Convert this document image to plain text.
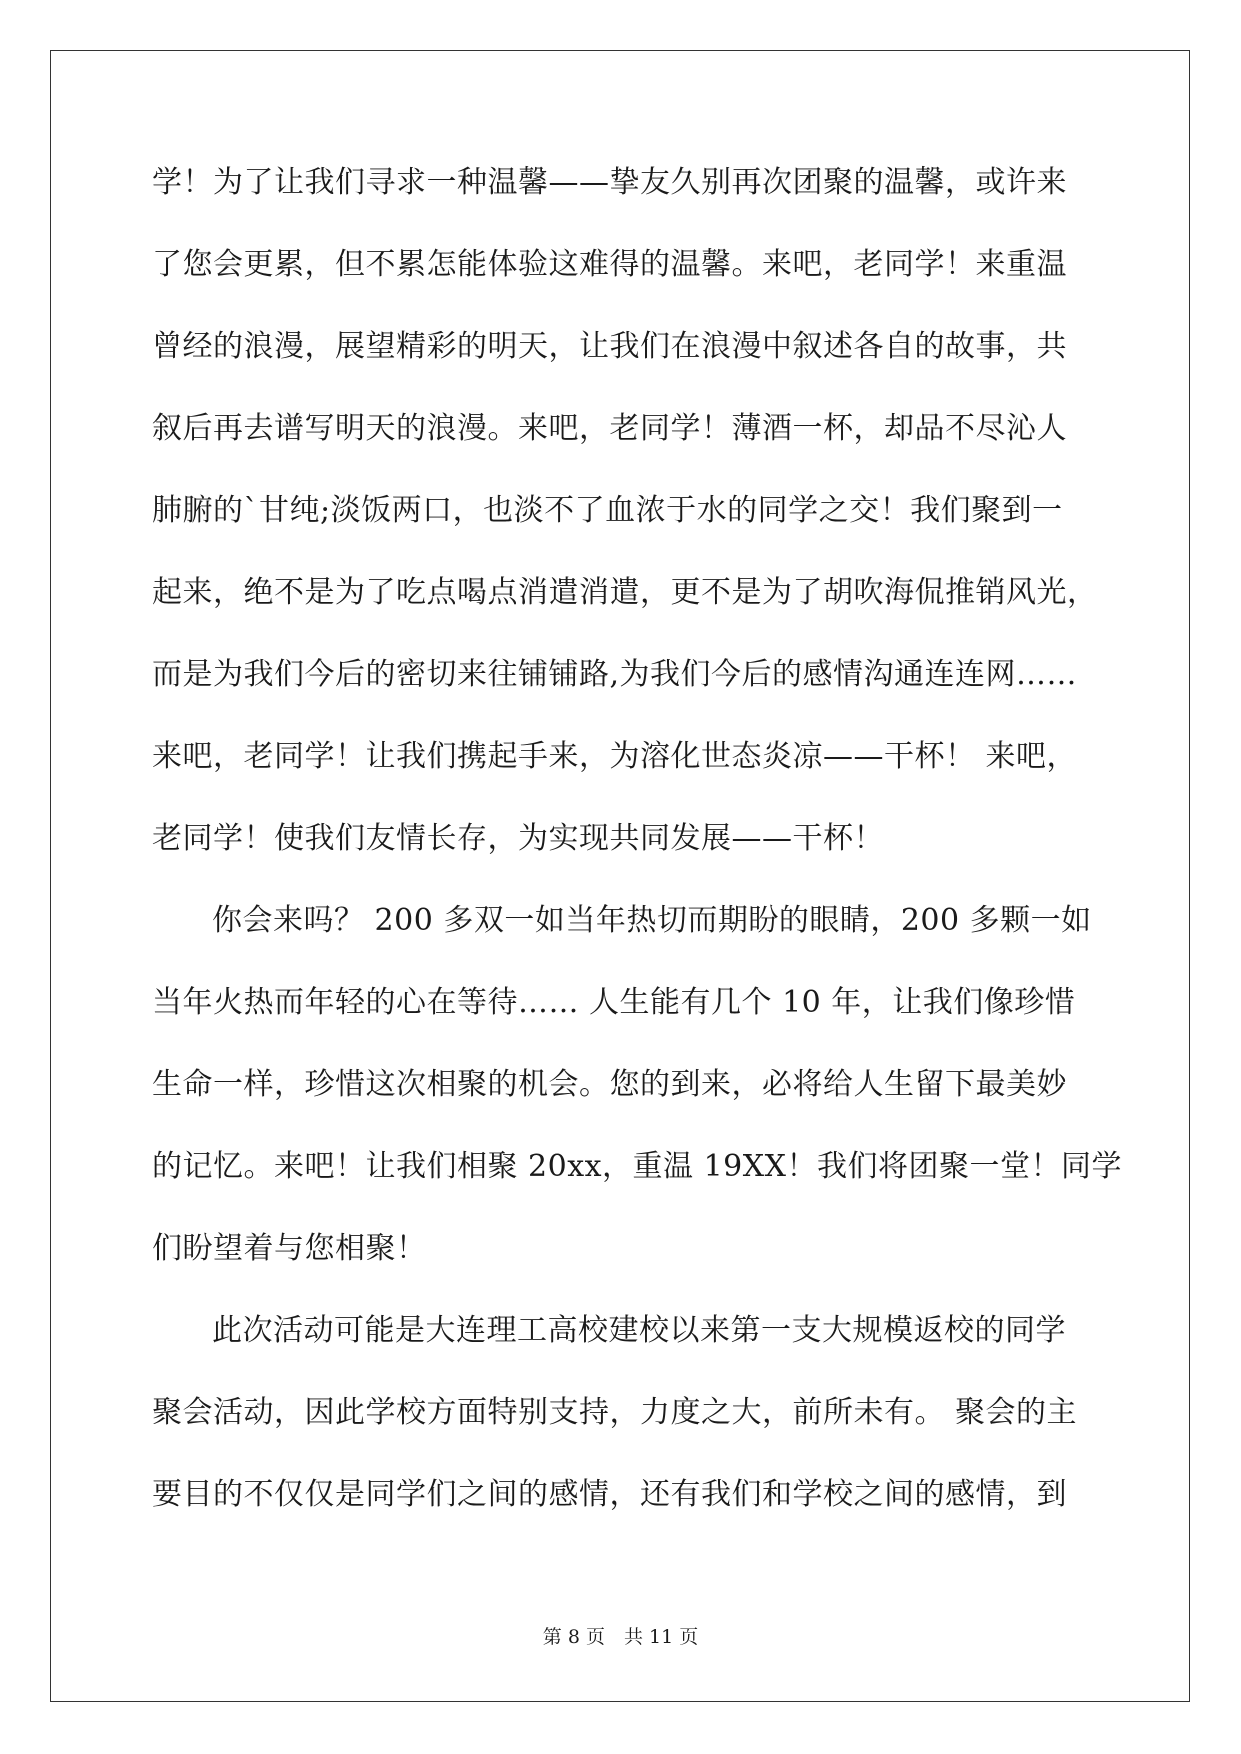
学！为了让我们寻求一种温馨——挚友久别再次团聚的温馨，或许来
了您会更累，但不累怎能体验这难得的温馨。来吧，老同学！来重温
曾经的浪漫，展望精彩的明天，让我们在浪漫中叙述各自的故事，共
叙后再去谱写明天的浪漫。来吧，老同学！薄酒一杯，却品不尽沁人
肺腑的`甘纯;淡饭两口，也淡不了血浓于水的同学之交！我们聚到一
起来，绝不是为了吃点喝点消遣消遣，更不是为了胡吹海侃推销风光，
而是为我们今后的密切来往铺铺路,为我们今后的感情沟通连连网……
来吧，老同学！让我们携起手来，为溶化世态炎凉——干杯！ 来吧，
老同学！使我们友情长存，为实现共同发展——干杯！
你会来吗？ 200 多双一如当年热切而期盼的眼睛，200 多颗一如
当年火热而年轻的心在等待…… 人生能有几个 10 年，让我们像珍惜
生命一样，珍惜这次相聚的机会。您的到来，必将给人生留下最美妙
的记忆。来吧！让我们相聚 20xx，重温 19XX！我们将团聚一堂！同学
们盼望着与您相聚！
此次活动可能是大连理工高校建校以来第一支大规模返校的同学
聚会活动，因此学校方面特别支持，力度之大，前所未有。 聚会的主
要目的不仅仅是同学们之间的感情，还有我们和学校之间的感情，到
第 8 页　共 11 页
